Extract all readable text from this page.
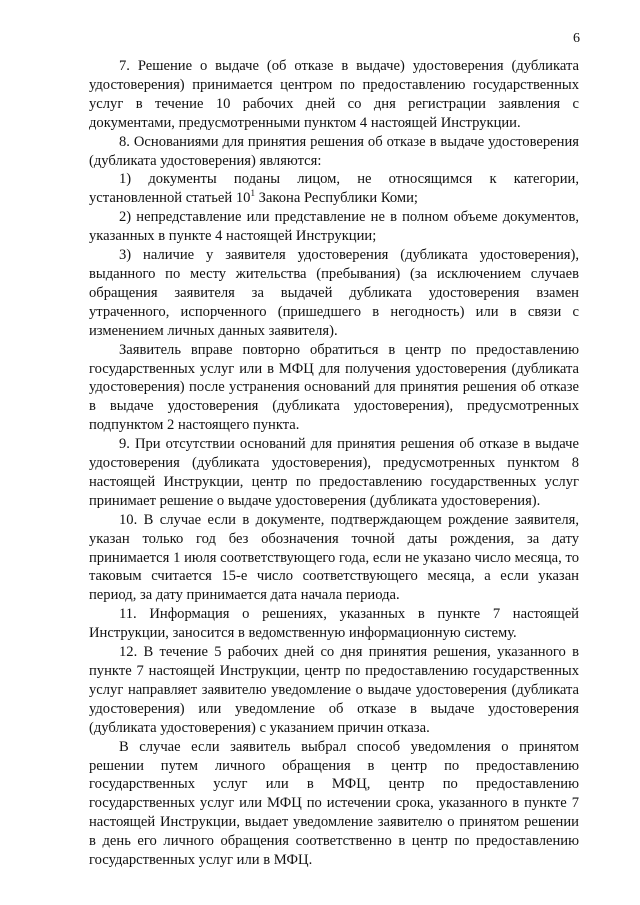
6

7. Решение о выдаче (об отказе в выдаче) удостоверения (дубликата удостоверения) принимается центром по предоставлению государственных услуг в течение 10 рабочих дней со дня регистрации заявления с документами, предусмотренными пунктом 4 настоящей Инструкции.

8. Основаниями для принятия решения об отказе в выдаче удостоверения (дубликата удостоверения) являются:

1) документы поданы лицом, не относящимся к категории, установленной статьей $10^1$ Закона Республики Коми;

2) непредставление или представление не в полном объеме документов, указанных в пункте 4 настоящей Инструкции;

3) наличие у заявителя удостоверения (дубликата удостоверения), выданного по месту жительства (пребывания) (за исключением случаев обращения заявителя за выдачей дубликата удостоверения взамен утраченного, испорченного (пришедшего в негодность) или в связи с изменением личных данных заявителя).

Заявитель вправе повторно обратиться в центр по предоставлению государственных услуг или в МФЦ для получения удостоверения (дубликата удостоверения) после устранения оснований для принятия решения об отказе в выдаче удостоверения (дубликата удостоверения), предусмотренных подпунктом 2 настоящего пункта.

9. При отсутствии оснований для принятия решения об отказе в выдаче удостоверения (дубликата удостоверения), предусмотренных пунктом 8 настоящей Инструкции, центр по предоставлению государственных услуг принимает решение о выдаче удостоверения (дубликата удостоверения).

10. В случае если в документе, подтверждающем рождение заявителя, указан только год без обозначения точной даты рождения, за дату принимается 1 июля соответствующего года, если не указано число месяца, то таковым считается 15-е число соответствующего месяца, а если указан период, за дату принимается дата начала периода.

11. Информация о решениях, указанных в пункте 7 настоящей Инструкции, заносится в ведомственную информационную систему.

12. В течение 5 рабочих дней со дня принятия решения, указанного в пункте 7 настоящей Инструкции, центр по предоставлению государственных услуг направляет заявителю уведомление о выдаче удостоверения (дубликата удостоверения) или уведомление об отказе в выдаче удостоверения (дубликата удостоверения) с указанием причин отказа.

В случае если заявитель выбрал способ уведомления о принятом решении путем личного обращения в центр по предоставлению государственных услуг или в МФЦ, центр по предоставлению государственных услуг или МФЦ по истечении срока, указанного в пункте 7 настоящей Инструкции, выдает уведомление заявителю о принятом решении в день его личного обращения соответственно в центр по предоставлению государственных услуг или в МФЦ.
